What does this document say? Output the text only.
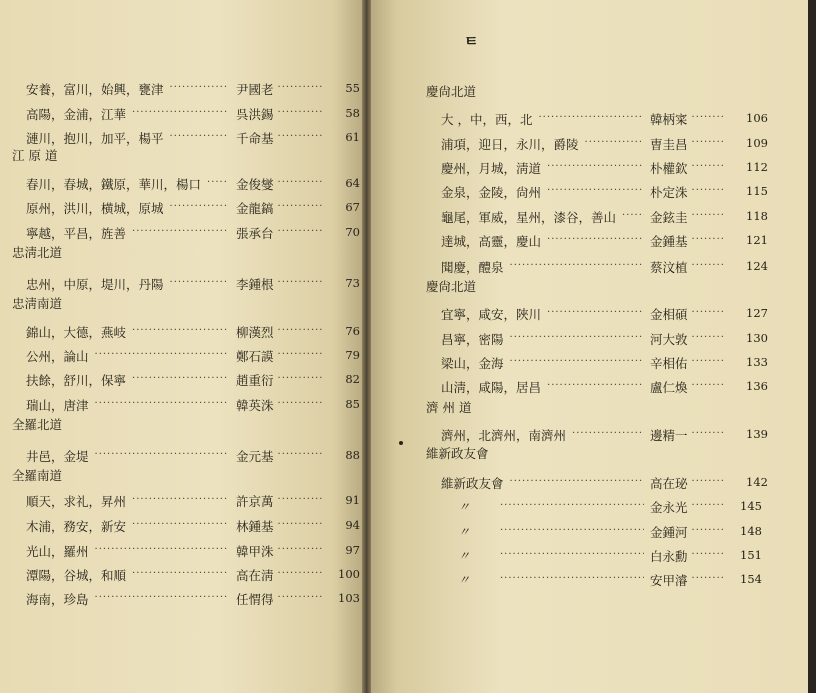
ㅌ
安養，富川，始興，甕津 ·····	尹國老 ·····	55
高陽，金浦，江華 ·····	呉洪錫 ·····	58
漣川，抱川，加平，楊平 ·····	千命基 ·····	61
江 原 道
春川，春城，鐵原，華川，楊口 ·····	金俊燮 ·····	64
原州，洪川，横城，原城 ·····	金龍鎬 ·····	67
寧越，平昌，旌善 ·····	張承台 ·····	70
忠淸北道
忠州，中原，堤川，丹陽 ·····	李鍾根 ·····	73
忠淸南道
錦山，大德，燕岐 ·····	柳漢烈 ·····	76
公州，論山 ·····	鄭石謨 ·····	79
扶餘，舒川，保寧 ·····	趙重衍 ·····	82
瑞山，唐津 ·····	韓英洙 ·····	85
全羅北道
井邑，金堤 ·····	金元基 ·····	88
全羅南道
順天，求礼，昇州 ·····	許京萬 ·····	91
木浦，務安，新安 ·····	林鍾基 ·····	94
光山，羅州 ·····	韓甲洙 ·····	97
潭陽，谷城，和順 ·····	高在淸 ·····	100
海南，珍島 ·····	任㥜得 ·····	103
慶尙北道
大 ，中，西，北 ·····	韓柄寀 ·····	106
浦項，迎日，永川，爵陵 ·····	曺圭昌 ·····	109
慶州，月城，淸道 ·····	朴權欽 ·····	112
金泉，金陵，尙州 ·····	朴定洙 ·····	115
龜尾，軍威，星州，漆谷，善山 ·····	金鉉圭 ·····	118
達城，高靈，慶山 ·····	金鍾基 ·····	121
聞慶，醴泉 ·····	蔡汶植 ·····	124
慶尙北道
宜寧，咸安，陜川 ·····	金相碩 ·····	127
昌寧，密陽 ·····	河大敦 ·····	130
梁山，金海 ·····	辛相佑 ·····	133
山淸，咸陽，居昌 ·····	盧仁煥 ·····	136
濟 州 道
濟州，北濟州，南濟州 ·····	邊精一 ·····	139
維新政友會
維新政友會 ·····	高在珌 ·····	142
〃 ·····	金永光 ·····	145
〃 ·····	金鍾河 ·····	148
〃 ·····	白永勳 ·····	151
〃 ·····	安甲濬 ·····	154
